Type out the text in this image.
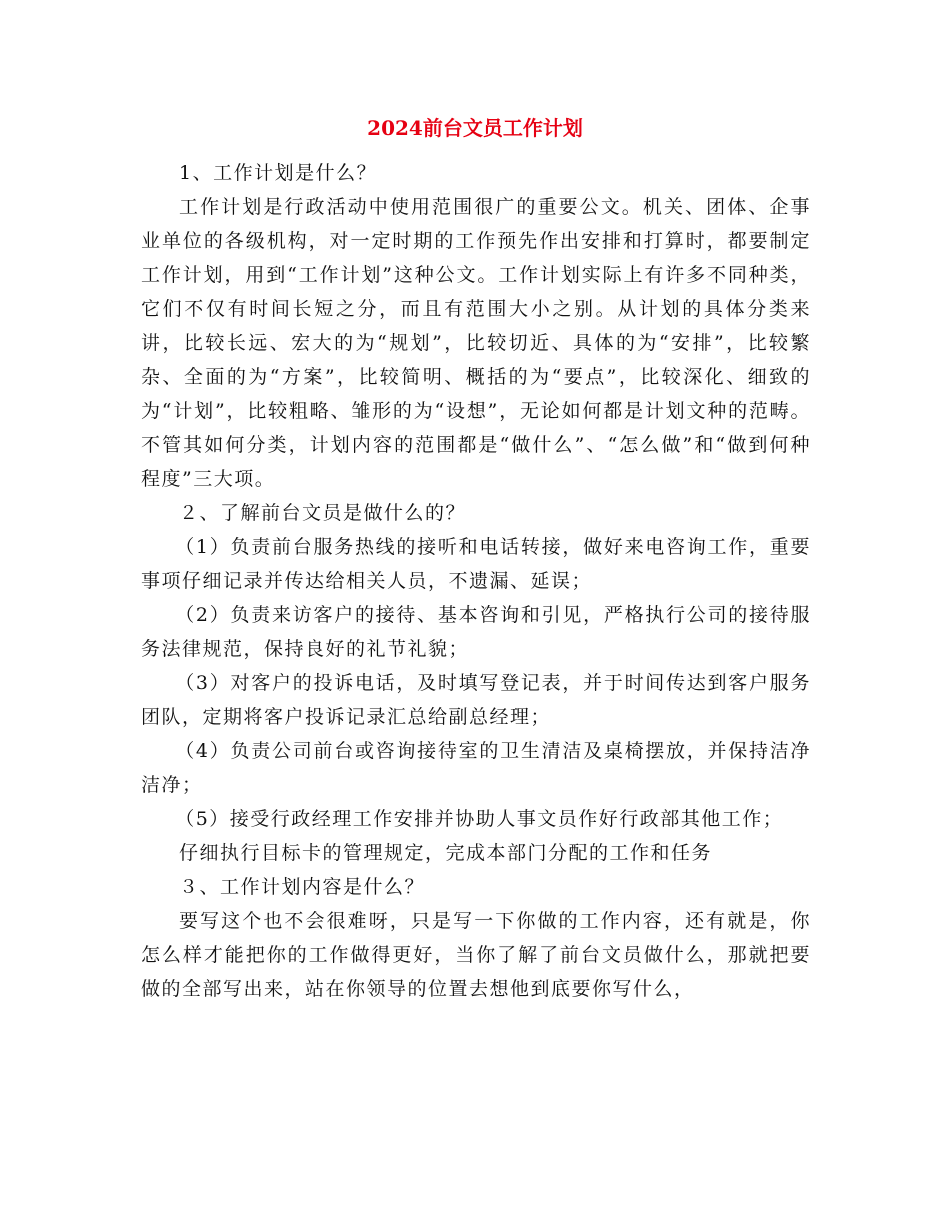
2024前台文员工作计划

1、工作计划是什么？

工作计划是行政活动中使用范围很广的重要公文。机关、团体、企事业单位的各级机构，对一定时期的工作预先作出安排和打算时，都要制定工作计划，用到“工作计划”这种公文。工作计划实际上有许多不同种类，它们不仅有时间长短之分，而且有范围大小之别。从计划的具体分类来讲，比较长远、宏大的为“规划”，比较切近、具体的为“安排”，比较繁杂、全面的为“方案”，比较简明、概括的为“要点”，比较深化、细致的为“计划”，比较粗略、雏形的为“设想”，无论如何都是计划文种的范畴。不管其如何分类，计划内容的范围都是“做什么”、“怎么做”和“做到何种程度”三大项。

２、了解前台文员是做什么的？

（1）负责前台服务热线的接听和电话转接，做好来电咨询工作，重要事项仔细记录并传达给相关人员，不遗漏、延误；

（2）负责来访客户的接待、基本咨询和引见，严格执行公司的接待服务法律规范，保持良好的礼节礼貌；

（3）对客户的投诉电话，及时填写登记表，并于时间传达到客户服务团队，定期将客户投诉记录汇总给副总经理；

（4）负责公司前台或咨询接待室的卫生清洁及桌椅摆放，并保持洁净洁净；

（5）接受行政经理工作安排并协助人事文员作好行政部其他工作；

仔细执行目标卡的管理规定，完成本部门分配的工作和任务

３、工作计划内容是什么？

要写这个也不会很难呀，只是写一下你做的工作内容，还有就是，你怎么样才能把你的工作做得更好，当你了解了前台文员做什么，那就把要做的全部写出来，站在你领导的位置去想他到底要你写什么，
